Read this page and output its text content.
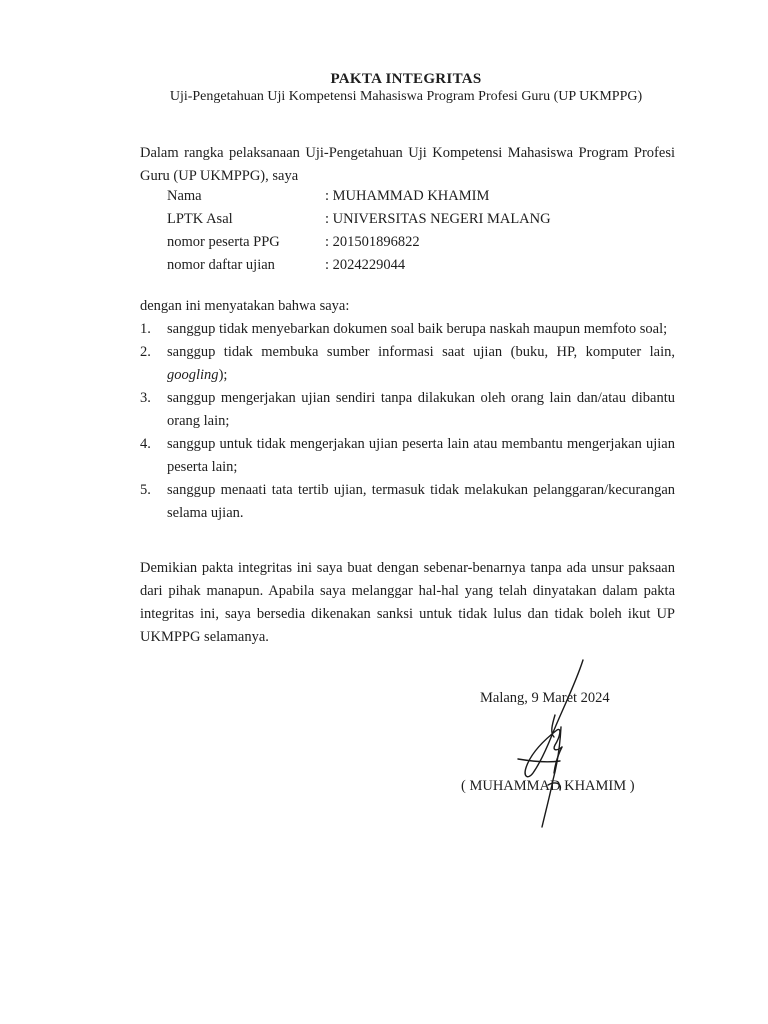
PAKTA INTEGRITAS
Uji-Pengetahuan Uji Kompetensi Mahasiswa Program Profesi Guru (UP UKMPPG)
Dalam rangka pelaksanaan Uji-Pengetahuan Uji Kompetensi Mahasiswa Program Profesi Guru (UP UKMPPG), saya
Nama	: MUHAMMAD KHAMIM
LPTK Asal	: UNIVERSITAS NEGERI MALANG
nomor peserta PPG	: 201501896822
nomor daftar ujian	: 2024229044
dengan ini menyatakan bahwa saya:
1.	sanggup tidak menyebarkan dokumen soal baik berupa naskah maupun memfoto soal;
2.	sanggup tidak membuka sumber informasi saat ujian (buku, HP, komputer lain, googling);
3.	sanggup mengerjakan ujian sendiri tanpa dilakukan oleh orang lain dan/atau dibantu orang lain;
4.	sanggup untuk tidak mengerjakan ujian peserta lain atau membantu mengerjakan ujian peserta lain;
5.	sanggup menaati tata tertib ujian, termasuk tidak melakukan pelanggaran/kecurangan selama ujian.
Demikian pakta integritas ini saya buat dengan sebenar-benarnya tanpa ada unsur paksaan dari pihak manapun. Apabila saya melanggar hal-hal yang telah dinyatakan dalam pakta integritas ini, saya bersedia dikenakan sanksi untuk tidak lulus dan tidak boleh ikut UP UKMPPG selamanya.
Malang, 9 Maret 2024
( MUHAMMAD KHAMIM )
